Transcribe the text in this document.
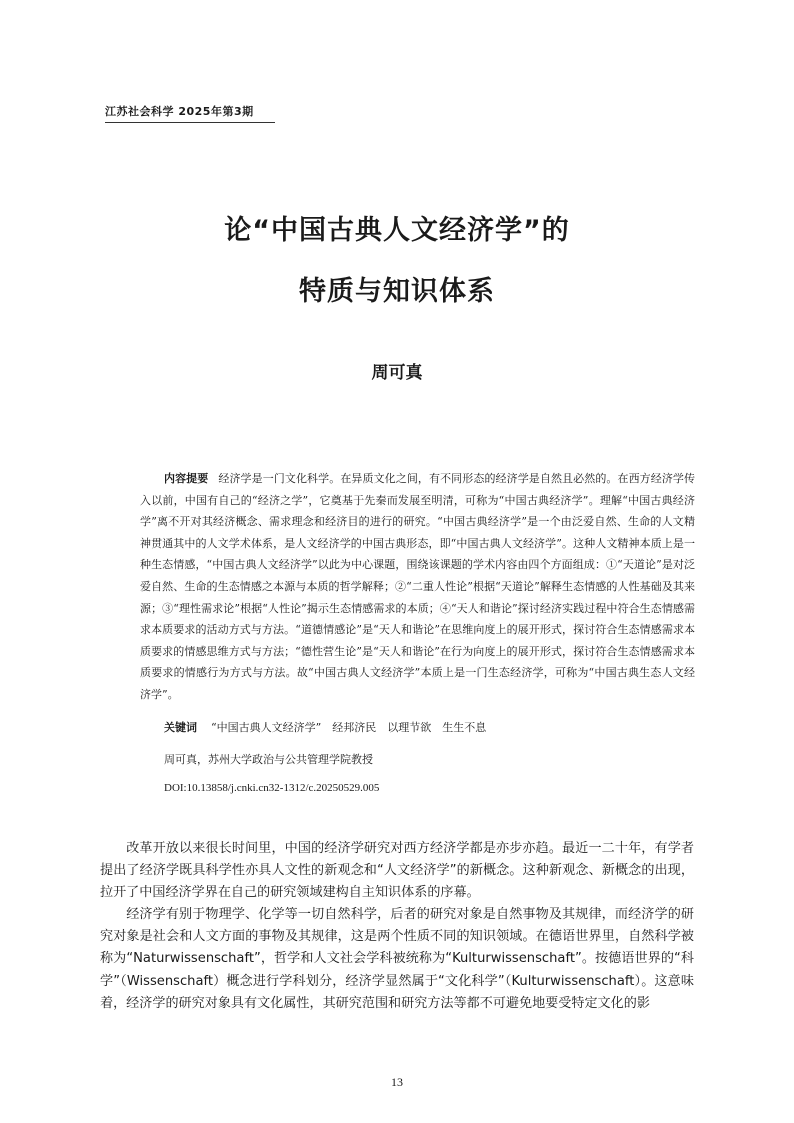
江苏社会科学 2025年第3期
论“中国古典人文经济学”的
特质与知识体系
周可真

内容提要 经济学是一门文化科学。在异质文化之间，有不同形态的经济学是自然且必然的。在西方经济学传入以前，中国有自己的“经济之学”，它奠基于先秦而发展至明清，可称为“中国古典经济学”。理解“中国古典经济学”离不开对其经济概念、需求理念和经济目的进行的研究。“中国古典经济学”是一个由泛爱自然、生命的人文精神贯通其中的人文学术体系，是人文经济学的中国古典形态，即“中国古典人文经济学”。这种人文精神本质上是一种生态情感，“中国古典人文经济学”以此为中心课题，围绕该课题的学术内容由四个方面组成：①“天道论”是对泛爱自然、生命的生态情感之本源与本质的哲学解释；②“二重人性论”根据“天道论”解释生态情感的人性基础及其来源；③“理性需求论”根据“人性论”揭示生态情感需求的本质；④“天人和谐论”探讨经济实践过程中符合生态情感需求本质要求的活动方式与方法。“道德情感论”是“天人和谐论”在思维向度上的展开形式，探讨符合生态情感需求本质要求的情感思维方式与方法；“德性营生论”是“天人和谐论”在行为向度上的展开形式，探讨符合生态情感需求本质要求的情感行为方式与方法。故“中国古典人文经济学”本质上是一门生态经济学，可称为“中国古典生态人文经济学”。

关键词 “中国古典人文经济学”　经邦济民　以理节欲　生生不息

周可真，苏州大学政治与公共管理学院教授

DOI:10.13858/j.cnki.cn32-1312/c.20250529.005

改革开放以来很长时间里，中国的经济学研究对西方经济学都是亦步亦趋。最近一二十年，有学者提出了经济学既具科学性亦具人文性的新观念和“人文经济学”的新概念。这种新观念、新概念的出现，拉开了中国经济学界在自己的研究领域建构自主知识体系的序幕。

经济学有别于物理学、化学等一切自然科学，后者的研究对象是自然事物及其规律，而经济学的研究对象是社会和人文方面的事物及其规律，这是两个性质不同的知识领域。在德语世界里，自然科学被称为“Naturwissenschaft”，哲学和人文社会学科被统称为“Kulturwissenschaft”。按德语世界的“科学”（Wissenschaft）概念进行学科划分，经济学显然属于“文化科学”（Kulturwissenschaft）。这意味着，经济学的研究对象具有文化属性，其研究范围和研究方法等都不可避免地要受特定文化的影

13
